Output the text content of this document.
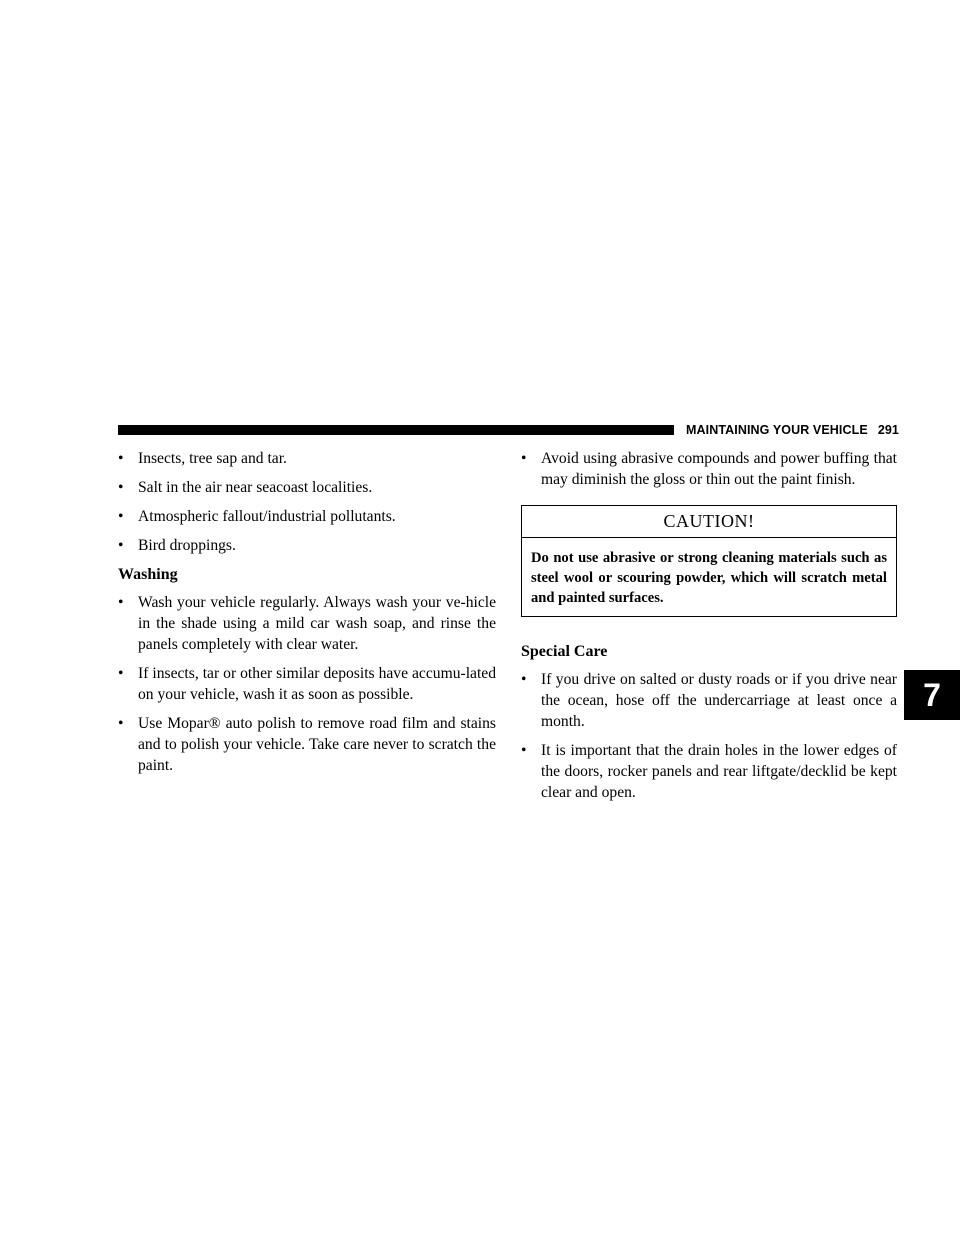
MAINTAINING YOUR VEHICLE 291
• Insects, tree sap and tar.
• Salt in the air near seacoast localities.
• Atmospheric fallout/industrial pollutants.
• Bird droppings.
Washing
• Wash your vehicle regularly. Always wash your ve-hicle in the shade using a mild car wash soap, and rinse the panels completely with clear water.
• If insects, tar or other similar deposits have accumu-lated on your vehicle, wash it as soon as possible.
• Use Mopar® auto polish to remove road film and stains and to polish your vehicle. Take care never to scratch the paint.
• Avoid using abrasive compounds and power buffing that may diminish the gloss or thin out the paint finish.
CAUTION!
Do not use abrasive or strong cleaning materials such as steel wool or scouring powder, which will scratch metal and painted surfaces.
Special Care
• If you drive on salted or dusty roads or if you drive near the ocean, hose off the undercarriage at least once a month.
• It is important that the drain holes in the lower edges of the doors, rocker panels and rear liftgate/decklid be kept clear and open.
7
